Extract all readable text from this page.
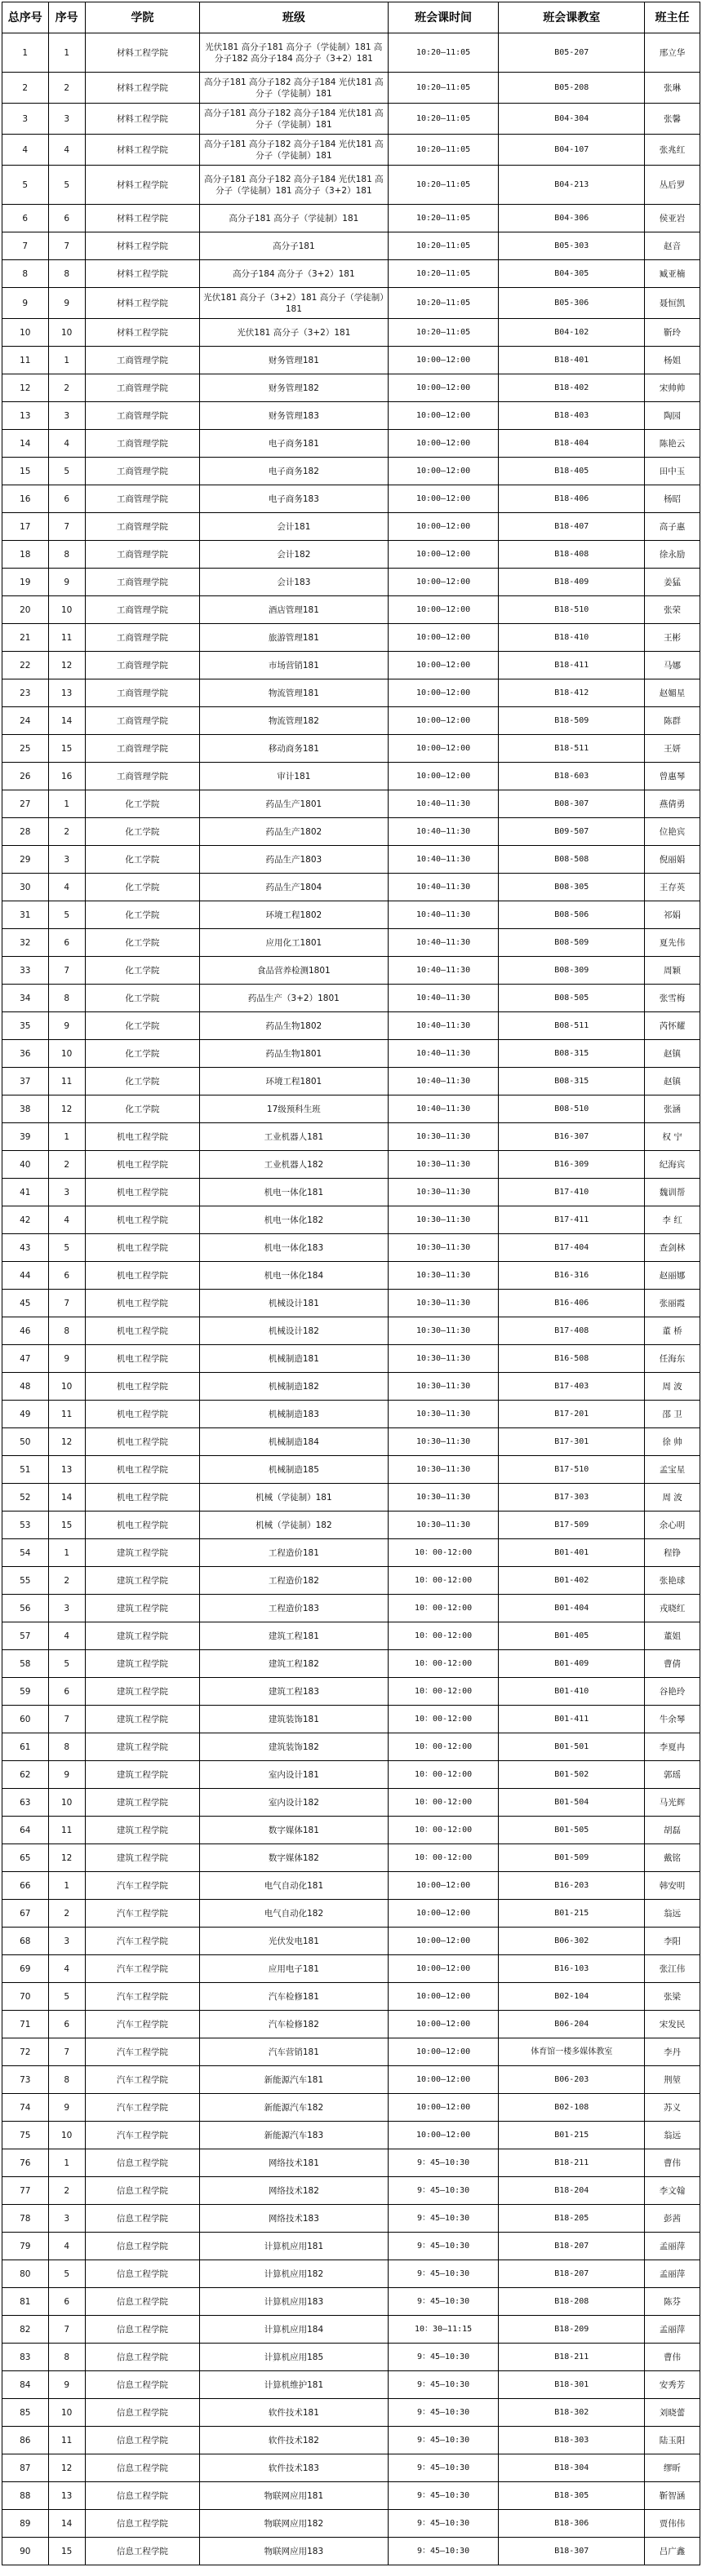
总序号	序号	学院	班级	班会课时间	班会课教室	班主任
1	1	材料工程学院	光伏181 高分子181 高分子（学徒制）181 高分子182 高分子184 高分子（3+2）181	10:20—11:05	B05-207	邢立华
2	2	材料工程学院	高分子181 高分子182 高分子184 光伏181 高分子（学徒制）181	10:20—11:05	B05-208	张琳
3	3	材料工程学院	高分子181 高分子182 高分子184 光伏181 高分子（学徒制）181	10:20—11:05	B04-304	张馨
4	4	材料工程学院	高分子181 高分子182 高分子184 光伏181 高分子（学徒制）181	10:20—11:05	B04-107	张兆红
5	5	材料工程学院	高分子181 高分子182 高分子184 光伏181 高分子（学徒制）181 高分子（3+2）181	10:20—11:05	B04-213	丛后罗
6	6	材料工程学院	高分子181 高分子（学徒制）181	10:20—11:05	B04-306	侯亚岩
7	7	材料工程学院	高分子181	10:20—11:05	B05-303	赵音
8	8	材料工程学院	高分子184 高分子（3+2）181	10:20—11:05	B04-305	臧亚楠
9	9	材料工程学院	光伏181 高分子（3+2）181 高分子（学徒制）181	10:20—11:05	B05-306	聂恒凯
10	10	材料工程学院	光伏181 高分子（3+2）181	10:20—11:05	B04-102	靳玲
11	1	工商管理学院	财务管理181	10:00—12:00	B18-401	杨姐
12	2	工商管理学院	财务管理182	10:00—12:00	B18-402	宋帅帅
13	3	工商管理学院	财务管理183	10:00—12:00	B18-403	陶园
14	4	工商管理学院	电子商务181	10:00—12:00	B18-404	陈艳云
15	5	工商管理学院	电子商务182	10:00—12:00	B18-405	田中玉
16	6	工商管理学院	电子商务183	10:00—12:00	B18-406	杨昭
17	7	工商管理学院	会计181	10:00—12:00	B18-407	高子惠
18	8	工商管理学院	会计182	10:00—12:00	B18-408	徐永励
19	9	工商管理学院	会计183	10:00—12:00	B18-409	姜猛
20	10	工商管理学院	酒店管理181	10:00—12:00	B18-510	张荣
21	11	工商管理学院	旅游管理181	10:00—12:00	B18-410	王彬
22	12	工商管理学院	市场营销181	10:00—12:00	B18-411	马娜
23	13	工商管理学院	物流管理181	10:00—12:00	B18-412	赵媚星
24	14	工商管理学院	物流管理182	10:00—12:00	B18-509	陈群
25	15	工商管理学院	移动商务181	10:00—12:00	B18-511	王妍
26	16	工商管理学院	审计181	10:00—12:00	B18-603	曾惠琴
27	1	化工学院	药品生产1801	10:40—11:30	B08-307	燕倩勇
28	2	化工学院	药品生产1802	10:40—11:30	B09-507	位艳宾
29	3	化工学院	药品生产1803	10:40—11:30	B08-508	倪丽娟
30	4	化工学院	药品生产1804	10:40—11:30	B08-305	王存英
31	5	化工学院	环境工程1802	10:40—11:30	B08-506	祁娟
32	6	化工学院	应用化工1801	10:40—11:30	B08-509	夏先伟
33	7	化工学院	食品营养检测1801	10:40—11:30	B08-309	周颖
34	8	化工学院	药品生产（3+2）1801	10:40—11:30	B08-505	张雪梅
35	9	化工学院	药品生物1802	10:40—11:30	B08-511	芮怀耀
36	10	化工学院	药品生物1801	10:40—11:30	B08-315	赵镇
37	11	化工学院	环境工程1801	10:40—11:30	B08-315	赵镇
38	12	化工学院	17级预科生班	10:40—11:30	B08-510	张涵
39	1	机电工程学院	工业机器人181	10:30—11:30	B16-307	权 宁
40	2	机电工程学院	工业机器人182	10:30—11:30	B16-309	纪海宾
41	3	机电工程学院	机电一体化181	10:30—11:30	B17-410	魏训帮
42	4	机电工程学院	机电一体化182	10:30—11:30	B17-411	李 红
43	5	机电工程学院	机电一体化183	10:30—11:30	B17-404	查剑林
44	6	机电工程学院	机电一体化184	10:30—11:30	B16-316	赵丽娜
45	7	机电工程学院	机械设计181	10:30—11:30	B16-406	张丽霞
46	8	机电工程学院	机械设计182	10:30—11:30	B17-408	董 桥
47	9	机电工程学院	机械制造181	10:30—11:30	B16-508	任海东
48	10	机电工程学院	机械制造182	10:30—11:30	B17-403	周 波
49	11	机电工程学院	机械制造183	10:30—11:30	B17-201	邵 卫
50	12	机电工程学院	机械制造184	10:30—11:30	B17-301	徐 帅
51	13	机电工程学院	机械制造185	10:30—11:30	B17-510	孟宝星
52	14	机电工程学院	机械（学徒制）181	10:30—11:30	B17-303	周 波
53	15	机电工程学院	机械（学徒制）182	10:30—11:30	B17-509	余心明
54	1	建筑工程学院	工程造价181	10：00-12:00	B01-401	程铮
55	2	建筑工程学院	工程造价182	10：00-12:00	B01-402	张艳球
56	3	建筑工程学院	工程造价183	10：00-12:00	B01-404	戎晓红
57	4	建筑工程学院	建筑工程181	10：00-12:00	B01-405	董姐
58	5	建筑工程学院	建筑工程182	10：00-12:00	B01-409	曹倩
59	6	建筑工程学院	建筑工程183	10：00-12:00	B01-410	谷艳玲
60	7	建筑工程学院	建筑装饰181	10：00-12:00	B01-411	牛余琴
61	8	建筑工程学院	建筑装饰182	10：00-12:00	B01-501	李夏冉
62	9	建筑工程学院	室内设计181	10：00-12:00	B01-502	郭瑶
63	10	建筑工程学院	室内设计182	10：00-12:00	B01-504	马光辉
64	11	建筑工程学院	数字媒体181	10：00-12:00	B01-505	胡磊
65	12	建筑工程学院	数字媒体182	10：00-12:00	B01-509	戴铭
66	1	汽车工程学院	电气自动化181	10:00—12:00	B16-203	韩安明
67	2	汽车工程学院	电气自动化182	10:00—12:00	B01-215	翁远
68	3	汽车工程学院	光伏发电181	10:00—12:00	B06-302	李阳
69	4	汽车工程学院	应用电子181	10:00—12:00	B16-103	张江伟
70	5	汽车工程学院	汽车检修181	10:00—12:00	B02-104	张梁
71	6	汽车工程学院	汽车检修182	10:00—12:00	B06-204	宋发民
72	7	汽车工程学院	汽车营销181	10:00—12:00	体育馆一楼多媒体教室	李丹
73	8	汽车工程学院	新能源汽车181	10:00—12:00	B06-203	荆堃
74	9	汽车工程学院	新能源汽车182	10:00—12:00	B02-108	苏义
75	10	汽车工程学院	新能源汽车183	10:00—12:00	B01-215	翁远
76	1	信息工程学院	网络技术181	9：45—10:30	B18-211	曹伟
77	2	信息工程学院	网络技术182	9：45—10:30	B18-204	李文翰
78	3	信息工程学院	网络技术183	9：45—10:30	B18-205	彭茜
79	4	信息工程学院	计算机应用181	9：45—10:30	B18-207	孟丽萍
80	5	信息工程学院	计算机应用182	9：45—10:30	B18-207	孟丽萍
81	6	信息工程学院	计算机应用183	9：45—10:30	B18-208	陈芬
82	7	信息工程学院	计算机应用184	10：30—11:15	B18-209	孟丽萍
83	8	信息工程学院	计算机应用185	9：45—10:30	B18-211	曹伟
84	9	信息工程学院	计算机维护181	9：45—10:30	B18-301	安秀芳
85	10	信息工程学院	软件技术181	9：45—10:30	B18-302	刘晓蕾
86	11	信息工程学院	软件技术182	9：45—10:30	B18-303	陆玉阳
87	12	信息工程学院	软件技术183	9：45—10:30	B18-304	缪昕
88	13	信息工程学院	物联网应用181	9：45—10:30	B18-305	靳智涵
89	14	信息工程学院	物联网应用182	9：45—10:30	B18-306	贾伟伟
90	15	信息工程学院	物联网应用183	9：45—10:30	B18-307	吕广鑫
